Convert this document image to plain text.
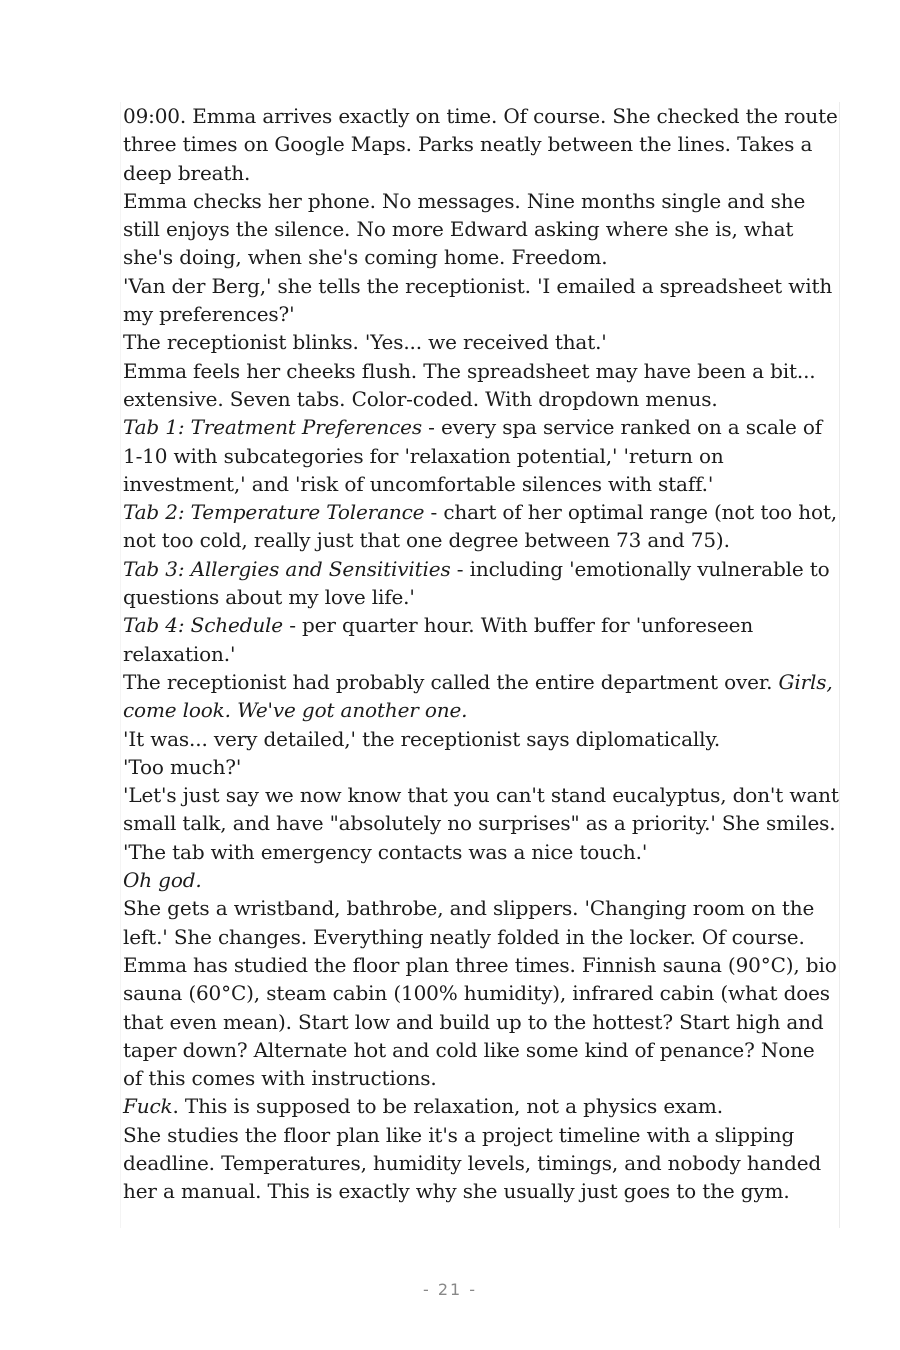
09:00. Emma arrives exactly on time. Of course. She checked the route three times on Google Maps. Parks neatly between the lines. Takes a deep breath.

Emma checks her phone. No messages. Nine months single and she still enjoys the silence. No more Edward asking where she is, what she's doing, when she's coming home. Freedom.

'Van der Berg,' she tells the receptionist. 'I emailed a spreadsheet with my preferences?'

The receptionist blinks. 'Yes... we received that.'

Emma feels her cheeks flush. The spreadsheet may have been a bit... extensive. Seven tabs. Color-coded. With dropdown menus.

Tab 1: Treatment Preferences - every spa service ranked on a scale of 1-10 with subcategories for 'relaxation potential,' 'return on investment,' and 'risk of uncomfortable silences with staff.'

Tab 2: Temperature Tolerance - chart of her optimal range (not too hot, not too cold, really just that one degree between 73 and 75).

Tab 3: Allergies and Sensitivities - including 'emotionally vulnerable to questions about my love life.'

Tab 4: Schedule - per quarter hour. With buffer for 'unforeseen relaxation.'

The receptionist had probably called the entire department over. Girls, come look. We've got another one.

'It was... very detailed,' the receptionist says diplomatically.

'Too much?'

'Let's just say we now know that you can't stand eucalyptus, don't want small talk, and have "absolutely no surprises" as a priority.' She smiles. 'The tab with emergency contacts was a nice touch.'

Oh god.

She gets a wristband, bathrobe, and slippers. 'Changing room on the left.' She changes. Everything neatly folded in the locker. Of course.

Emma has studied the floor plan three times. Finnish sauna (90°C), bio sauna (60°C), steam cabin (100% humidity), infrared cabin (what does that even mean). Start low and build up to the hottest? Start high and taper down? Alternate hot and cold like some kind of penance? None of this comes with instructions.

Fuck. This is supposed to be relaxation, not a physics exam.

She studies the floor plan like it's a project timeline with a slipping deadline. Temperatures, humidity levels, timings, and nobody handed her a manual. This is exactly why she usually just goes to the gym.

- 21 -
